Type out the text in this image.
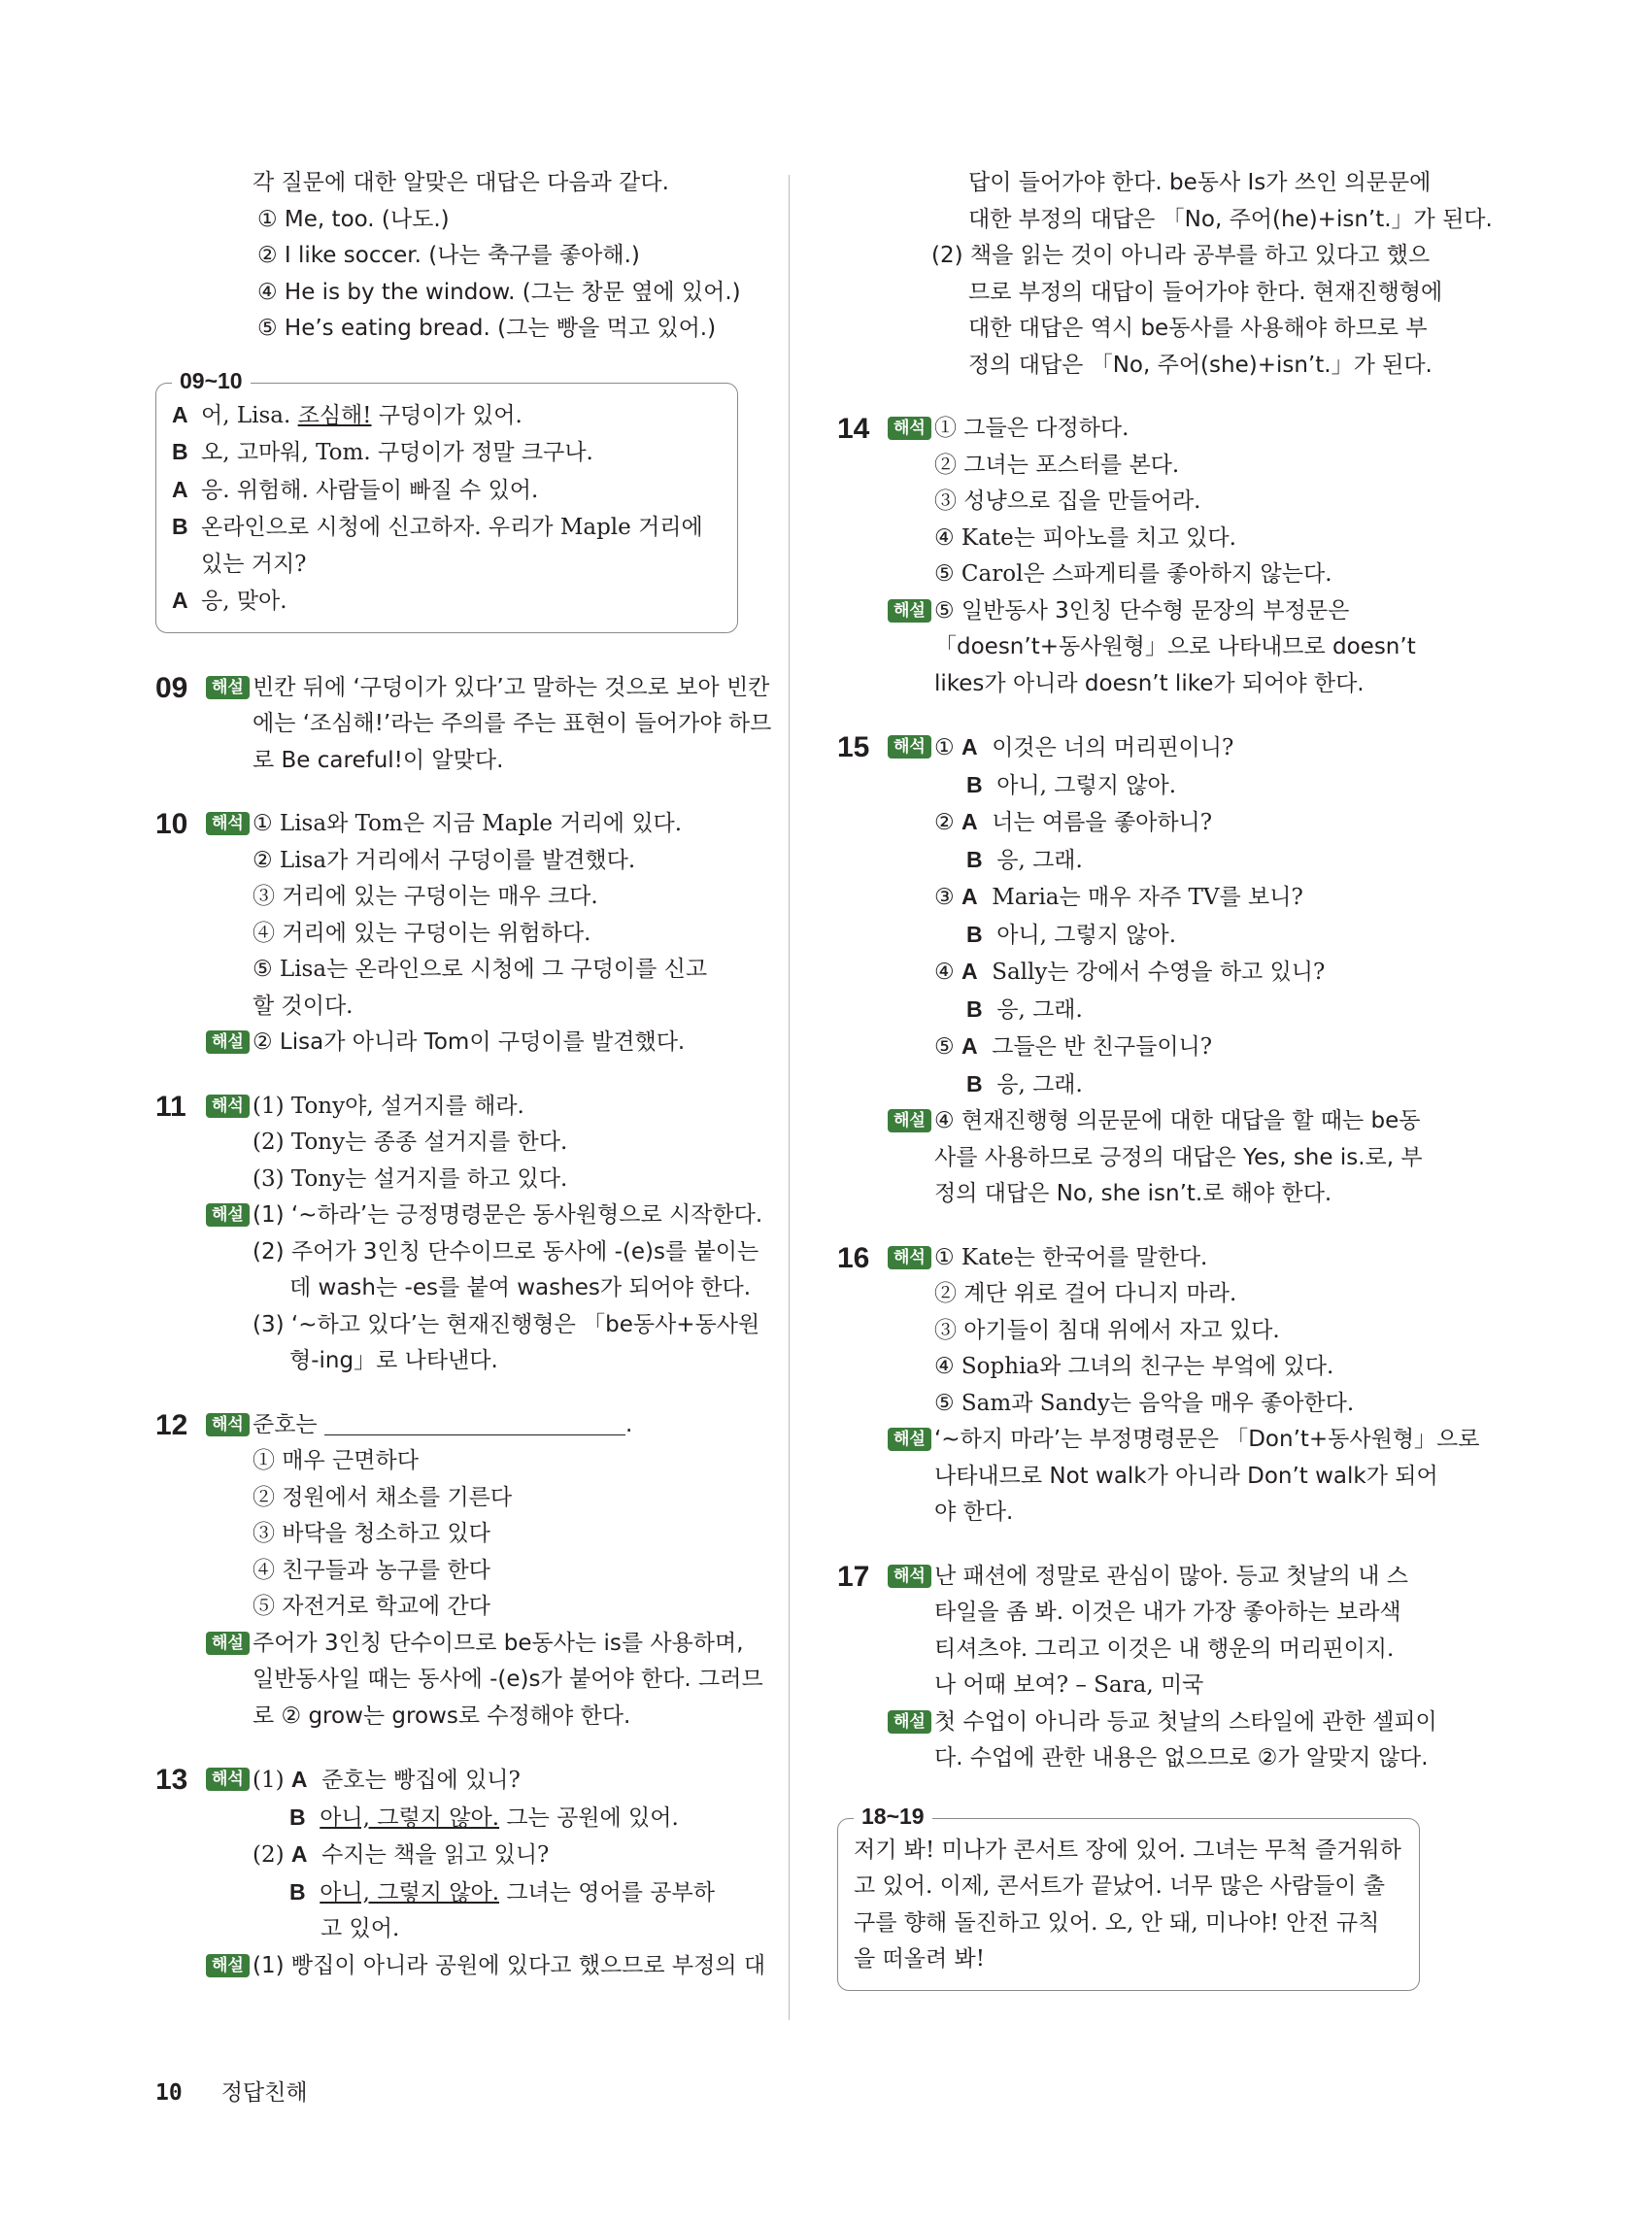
각 질문에 대한 알맞은 대답은 다음과 같다.
① Me, too. (나도.)
② I like soccer. (나는 축구를 좋아해.)
④ He is by the window. (그는 창문 옆에 있어.)
⑤ He’s eating bread. (그는 빵을 먹고 있어.)
09~10
A 어, Lisa. 조심해! 구덩이가 있어.
B 오, 고마워, Tom. 구덩이가 정말 크구나.
A 응. 위험해. 사람들이 빠질 수 있어.
B 온라인으로 시청에 신고하자. 우리가 Maple 거리에
있는 거지?
A 응, 맞아.
09	해설 빈칸 뒤에 ‘구덩이가 있다’고 말하는 것으로 보아 빈칸
에는 ‘조심해!’라는 주의를 주는 표현이 들어가야 하므
로 Be careful!이 알맞다.
10	해석 ① Lisa와 Tom은 지금 Maple 거리에 있다.
② Lisa가 거리에서 구덩이를 발견했다.
③ 거리에 있는 구덩이는 매우 크다.
④ 거리에 있는 구덩이는 위험하다.
⑤ Lisa는 온라인으로 시청에 그 구덩이를 신고
할 것이다.
해설 ② Lisa가 아니라 Tom이 구덩이를 발견했다.
11	해석 (1) Tony야, 설거지를 해라.
(2) Tony는 종종 설거지를 한다.
(3) Tony는 설거지를 하고 있다.
해설 (1) ‘~하라’는 긍정명령문은 동사원형으로 시작한다.
(2) 주어가 3인칭 단수이므로 동사에 -(e)s를 붙이는
데 wash는 -es를 붙여 washes가 되어야 한다.
(3) ‘~하고 있다’는 현재진행형은 「be동사+동사원
형-ing」로 나타낸다.
12	해석 준호는	.
① 매우 근면하다
② 정원에서 채소를 기른다
③ 바닥을 청소하고 있다
④ 친구들과 농구를 한다
⑤ 자전거로 학교에 간다
해설 주어가 3인칭 단수이므로 be동사는 is를 사용하며,
일반동사일 때는 동사에 -(e)s가 붙어야 한다. 그러므
로 ② grow는 grows로 수정해야 한다.
13	해석 (1) A 준호는 빵집에 있니?
B 아니, 그렇지 않아. 그는 공원에 있어.
(2) A 수지는 책을 읽고 있니?
B 아니, 그렇지 않아. 그녀는 영어를 공부하
고 있어.
해설 (1) 빵집이 아니라 공원에 있다고 했으므로 부정의 대
답이 들어가야 한다. be동사 Is가 쓰인 의문문에
대한 부정의 대답은 「No, 주어(he)+isn’t.」가 된다.
(2) 책을 읽는 것이 아니라 공부를 하고 있다고 했으
므로 부정의 대답이 들어가야 한다. 현재진행형에
대한 대답은 역시 be동사를 사용해야 하므로 부
정의 대답은 「No, 주어(she)+isn’t.」가 된다.
14	해석 ① 그들은 다정하다.
② 그녀는 포스터를 본다.
③ 성냥으로 집을 만들어라.
④ Kate는 피아노를 치고 있다.
⑤ Carol은 스파게티를 좋아하지 않는다.
해설 ⑤ 일반동사 3인칭 단수형 문장의 부정문은
「doesn’t+동사원형」으로 나타내므로 doesn’t
likes가 아니라 doesn’t like가 되어야 한다.
15	해석 ① A 이것은 너의 머리핀이니?
B 아니, 그렇지 않아.
② A 너는 여름을 좋아하니?
B 응, 그래.
③ A Maria는 매우 자주 TV를 보니?
B 아니, 그렇지 않아.
④ A Sally는 강에서 수영을 하고 있니?
B 응, 그래.
⑤ A 그들은 반 친구들이니?
B 응, 그래.
해설 ④ 현재진행형 의문문에 대한 대답을 할 때는 be동
사를 사용하므로 긍정의 대답은 Yes, she is.로, 부
정의 대답은 No, she isn’t.로 해야 한다.
16	해석 ① Kate는 한국어를 말한다.
② 계단 위로 걸어 다니지 마라.
③ 아기들이 침대 위에서 자고 있다.
④ Sophia와 그녀의 친구는 부엌에 있다.
⑤ Sam과 Sandy는 음악을 매우 좋아한다.
해설 ‘~하지 마라’는 부정명령문은 「Don’t+동사원형」으로
나타내므로 Not walk가 아니라 Don’t walk가 되어
야 한다.
17	해석 난 패션에 정말로 관심이 많아. 등교 첫날의 내 스
타일을 좀 봐. 이것은 내가 가장 좋아하는 보라색
티셔츠야. 그리고 이것은 내 행운의 머리핀이지.
나 어때 보여? – Sara, 미국
해설 첫 수업이 아니라 등교 첫날의 스타일에 관한 셀피이
다. 수업에 관한 내용은 없으므로 ②가 알맞지 않다.
18~19
저기 봐! 미나가 콘서트 장에 있어. 그녀는 무척 즐거워하
고 있어. 이제, 콘서트가 끝났어. 너무 많은 사람들이 출
구를 향해 돌진하고 있어. 오, 안 돼, 미나야! 안전 규칙
을 떠올려 봐!
10 정답친해
